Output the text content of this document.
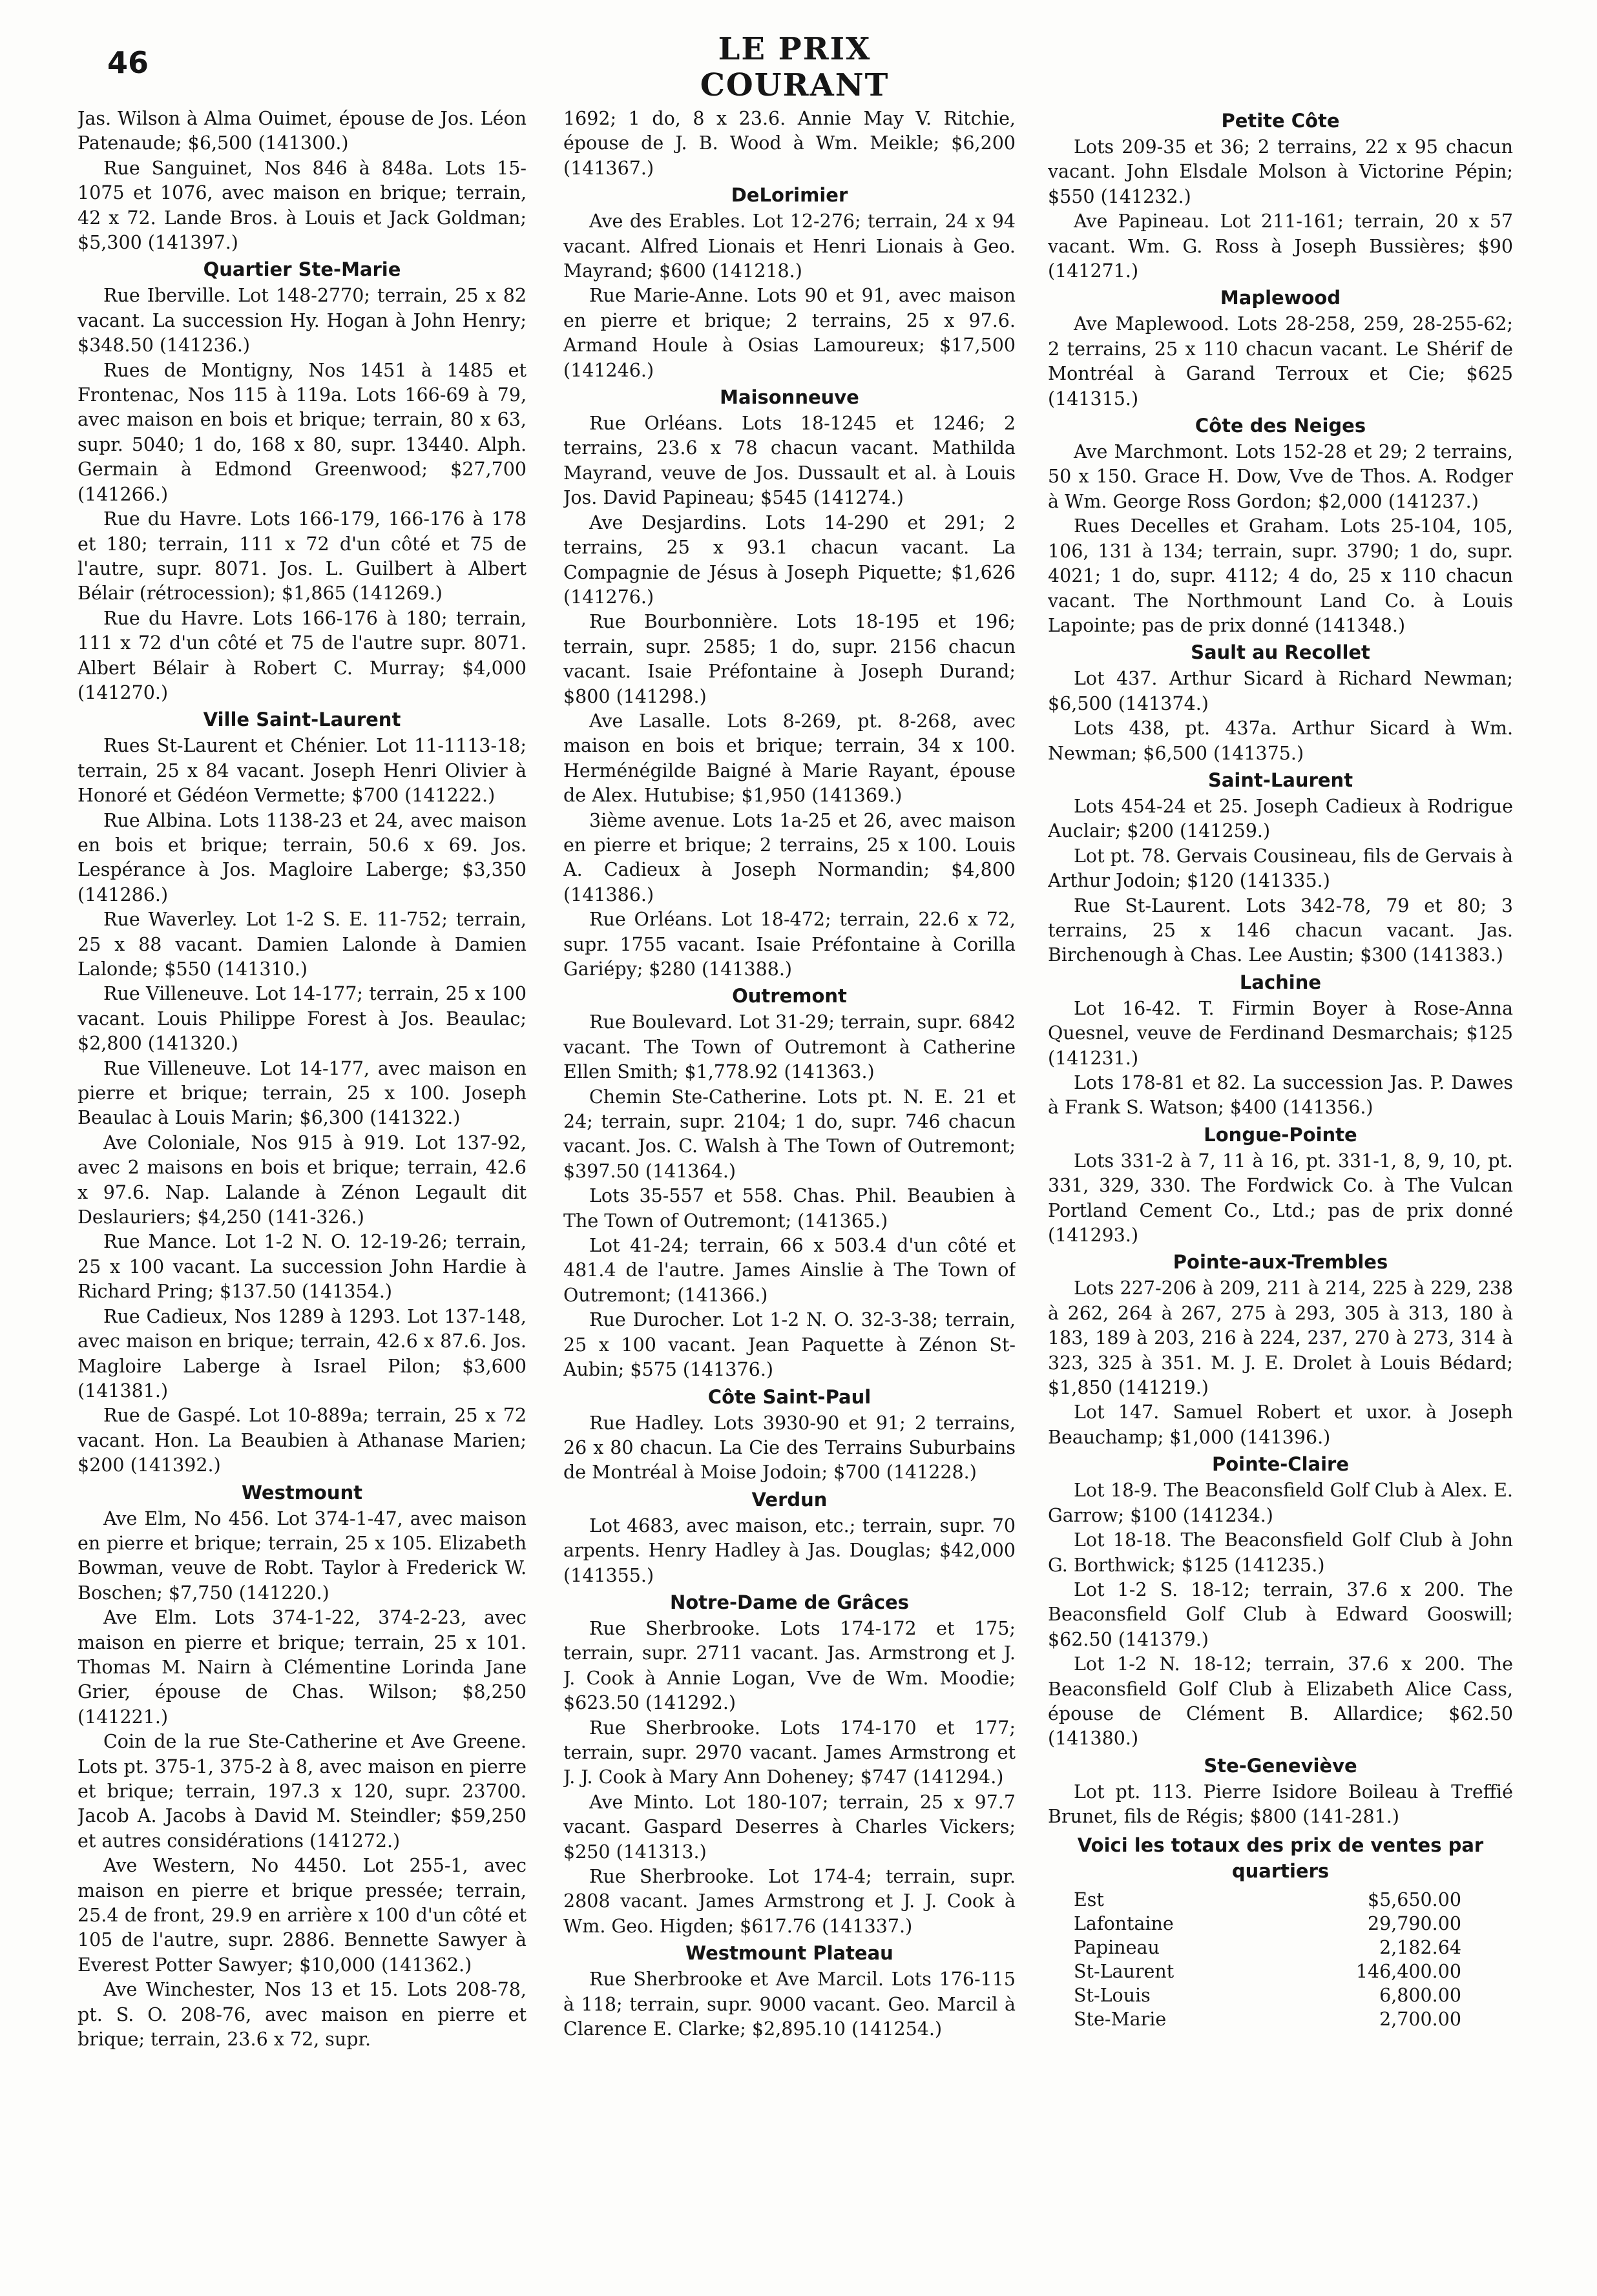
46	LE PRIX COURANT

Jas. Wilson à Alma Ouimet, épouse de Jos. Léon Patenaude; $6,500 (141300.)

Rue Sanguinet, Nos 846 à 848a. Lots 15-1075 et 1076, avec maison en brique; terrain, 42 x 72. Lande Bros. à Louis et Jack Goldman; $5,300 (141397.)

Quartier Ste-Marie

Rue Iberville. Lot 148-2770; terrain, 25 x 82 vacant. La succession Hy. Hogan à John Henry; $348.50 (141236.)

Rues de Montigny, Nos 1451 à 1485 et Frontenac, Nos 115 à 119a. Lots 166-69 à 79, avec maison en bois et brique; terrain, 80 x 63, supr. 5040; 1 do, 168 x 80, supr. 13440. Alph. Germain à Edmond Greenwood; $27,700 (141266.)

Rue du Havre. Lots 166-179, 166-176 à 178 et 180; terrain, 111 x 72 d'un côté et 75 de l'autre, supr. 8071. Jos. L. Guilbert à Albert Bélair (rétrocession); $1,865 (141269.)

Rue du Havre. Lots 166-176 à 180; terrain, 111 x 72 d'un côté et 75 de l'autre supr. 8071. Albert Bélair à Robert C. Murray; $4,000 (141270.)

Ville Saint-Laurent

Rues St-Laurent et Chénier. Lot 11-1113-18; terrain, 25 x 84 vacant. Joseph Henri Olivier à Honoré et Gédéon Vermette; $700 (141222.)

Rue Albina. Lots 1138-23 et 24, avec maison en bois et brique; terrain, 50.6 x 69. Jos. Lespérance à Jos. Magloire Laberge; $3,350 (141286.)

Rue Waverley. Lot 1-2 S. E. 11-752; terrain, 25 x 88 vacant. Damien Lalonde à Damien Lalonde; $550 (141310.)

Rue Villeneuve. Lot 14-177; terrain, 25 x 100 vacant. Louis Philippe Forest à Jos. Beaulac; $2,800 (141320.)

Rue Villeneuve. Lot 14-177, avec maison en pierre et brique; terrain, 25 x 100. Joseph Beaulac à Louis Marin; $6,300 (141322.)

Ave Coloniale, Nos 915 à 919. Lot 137-92, avec 2 maisons en bois et brique; terrain, 42.6 x 97.6. Nap. Lalande à Zénon Legault dit Deslauriers; $4,250 (141-326.)

Rue Mance. Lot 1-2 N. O. 12-19-26; terrain, 25 x 100 vacant. La succession John Hardie à Richard Pring; $137.50 (141354.)

Rue Cadieux, Nos 1289 à 1293. Lot 137-148, avec maison en brique; terrain, 42.6 x 87.6. Jos. Magloire Laberge à Israel Pilon; $3,600 (141381.)

Rue de Gaspé. Lot 10-889a; terrain, 25 x 72 vacant. Hon. La Beaubien à Athanase Marien; $200 (141392.)

Westmount

Ave Elm, No 456. Lot 374-1-47, avec maison en pierre et brique; terrain, 25 x 105. Elizabeth Bowman, veuve de Robt. Taylor à Frederick W. Boschen; $7,750 (141220.)

Ave Elm. Lots 374-1-22, 374-2-23, avec maison en pierre et brique; terrain, 25 x 101. Thomas M. Nairn à Clémentine Lorinda Jane Grier, épouse de Chas. Wilson; $8,250 (141221.)

Coin de la rue Ste-Catherine et Ave Greene. Lots pt. 375-1, 375-2 à 8, avec maison en pierre et brique; terrain, 197.3 x 120, supr. 23700. Jacob A. Jacobs à David M. Steindler; $59,250 et autres considérations (141272.)

Ave Western, No 4450. Lot 255-1, avec maison en pierre et brique pressée; terrain, 25.4 de front, 29.9 en arrière x 100 d'un côté et 105 de l'autre, supr. 2886. Bennette Sawyer à Everest Potter Sawyer; $10,000 (141362.)

Ave Winchester, Nos 13 et 15. Lots 208-78, pt. S. O. 208-76, avec maison en pierre et brique; terrain, 23.6 x 72, supr.

1692; 1 do, 8 x 23.6. Annie May V. Ritchie, épouse de J. B. Wood à Wm. Meikle; $6,200 (141367.)

DeLorimier

Ave des Erables. Lot 12-276; terrain, 24 x 94 vacant. Alfred Lionais et Henri Lionais à Geo. Mayrand; $600 (141218.)

Rue Marie-Anne. Lots 90 et 91, avec maison en pierre et brique; 2 terrains, 25 x 97.6. Armand Houle à Osias Lamoureux; $17,500 (141246.)

Maisonneuve

Rue Orléans. Lots 18-1245 et 1246; 2 terrains, 23.6 x 78 chacun vacant. Mathilda Mayrand, veuve de Jos. Dussault et al. à Louis Jos. David Papineau; $545 (141274.)

Ave Desjardins. Lots 14-290 et 291; 2 terrains, 25 x 93.1 chacun vacant. La Compagnie de Jésus à Joseph Piquette; $1,626 (141276.)

Rue Bourbonnière. Lots 18-195 et 196; terrain, supr. 2585; 1 do, supr. 2156 chacun vacant. Isaie Préfontaine à Joseph Durand; $800 (141298.)

Ave Lasalle. Lots 8-269, pt. 8-268, avec maison en bois et brique; terrain, 34 x 100. Herménégilde Baigné à Marie Rayant, épouse de Alex. Hutubise; $1,950 (141369.)

3ième avenue. Lots 1a-25 et 26, avec maison en pierre et brique; 2 terrains, 25 x 100. Louis A. Cadieux à Joseph Normandin; $4,800 (141386.)

Rue Orléans. Lot 18-472; terrain, 22.6 x 72, supr. 1755 vacant. Isaie Préfontaine à Corilla Gariépy; $280 (141388.)

Outremont

Rue Boulevard. Lot 31-29; terrain, supr. 6842 vacant. The Town of Outremont à Catherine Ellen Smith; $1,778.92 (141363.)

Chemin Ste-Catherine. Lots pt. N. E. 21 et 24; terrain, supr. 2104; 1 do, supr. 746 chacun vacant. Jos. C. Walsh à The Town of Outremont; $397.50 (141364.)

Lots 35-557 et 558. Chas. Phil. Beaubien à The Town of Outremont; (141365.)

Lot 41-24; terrain, 66 x 503.4 d'un côté et 481.4 de l'autre. James Ainslie à The Town of Outremont; (141366.)

Rue Durocher. Lot 1-2 N. O. 32-3-38; terrain, 25 x 100 vacant. Jean Paquette à Zénon St-Aubin; $575 (141376.)

Côte Saint-Paul

Rue Hadley. Lots 3930-90 et 91; 2 terrains, 26 x 80 chacun. La Cie des Terrains Suburbains de Montréal à Moise Jodoin; $700 (141228.)

Verdun

Lot 4683, avec maison, etc.; terrain, supr. 70 arpents. Henry Hadley à Jas. Douglas; $42,000 (141355.)

Notre-Dame de Grâces

Rue Sherbrooke. Lots 174-172 et 175; terrain, supr. 2711 vacant. Jas. Armstrong et J. J. Cook à Annie Logan, Vve de Wm. Moodie; $623.50 (141292.)

Rue Sherbrooke. Lots 174-170 et 177; terrain, supr. 2970 vacant. James Armstrong et J. J. Cook à Mary Ann Doheney; $747 (141294.)

Ave Minto. Lot 180-107; terrain, 25 x 97.7 vacant. Gaspard Deserres à Charles Vickers; $250 (141313.)

Rue Sherbrooke. Lot 174-4; terrain, supr. 2808 vacant. James Armstrong et J. J. Cook à Wm. Geo. Higden; $617.76 (141337.)

Westmount Plateau

Rue Sherbrooke et Ave Marcil. Lots 176-115 à 118; terrain, supr. 9000 vacant. Geo. Marcil à Clarence E. Clarke; $2,895.10 (141254.)

Petite Côte

Lots 209-35 et 36; 2 terrains, 22 x 95 chacun vacant. John Elsdale Molson à Victorine Pépin; $550 (141232.)

Ave Papineau. Lot 211-161; terrain, 20 x 57 vacant. Wm. G. Ross à Joseph Bussières; $90 (141271.)

Maplewood

Ave Maplewood. Lots 28-258, 259, 28-255-62; 2 terrains, 25 x 110 chacun vacant. Le Shérif de Montréal à Garand Terroux et Cie; $625 (141315.)

Côte des Neiges

Ave Marchmont. Lots 152-28 et 29; 2 terrains, 50 x 150. Grace H. Dow, Vve de Thos. A. Rodger à Wm. George Ross Gordon; $2,000 (141237.)

Rues Decelles et Graham. Lots 25-104, 105, 106, 131 à 134; terrain, supr. 3790; 1 do, supr. 4021; 1 do, supr. 4112; 4 do, 25 x 110 chacun vacant. The Northmount Land Co. à Louis Lapointe; pas de prix donné (141348.)

Sault au Recollet

Lot 437. Arthur Sicard à Richard Newman; $6,500 (141374.)

Lots 438, pt. 437a. Arthur Sicard à Wm. Newman; $6,500 (141375.)

Saint-Laurent

Lots 454-24 et 25. Joseph Cadieux à Rodrigue Auclair; $200 (141259.)

Lot pt. 78. Gervais Cousineau, fils de Gervais à Arthur Jodoin; $120 (141335.)

Rue St-Laurent. Lots 342-78, 79 et 80; 3 terrains, 25 x 146 chacun vacant. Jas. Birchenough à Chas. Lee Austin; $300 (141383.)

Lachine

Lot 16-42. T. Firmin Boyer à Rose-Anna Quesnel, veuve de Ferdinand Desmarchais; $125 (141231.)

Lots 178-81 et 82. La succession Jas. P. Dawes à Frank S. Watson; $400 (141356.)

Longue-Pointe

Lots 331-2 à 7, 11 à 16, pt. 331-1, 8, 9, 10, pt. 331, 329, 330. The Fordwick Co. à The Vulcan Portland Cement Co., Ltd.; pas de prix donné (141293.)

Pointe-aux-Trembles

Lots 227-206 à 209, 211 à 214, 225 à 229, 238 à 262, 264 à 267, 275 à 293, 305 à 313, 180 à 183, 189 à 203, 216 à 224, 237, 270 à 273, 314 à 323, 325 à 351. M. J. E. Drolet à Louis Bédard; $1,850 (141219.)

Lot 147. Samuel Robert et uxor. à Joseph Beauchamp; $1,000 (141396.)

Pointe-Claire

Lot 18-9. The Beaconsfield Golf Club à Alex. E. Garrow; $100 (141234.)

Lot 18-18. The Beaconsfield Golf Club à John G. Borthwick; $125 (141235.)

Lot 1-2 S. 18-12; terrain, 37.6 x 200. The Beaconsfield Golf Club à Edward Gooswill; $62.50 (141379.)

Lot 1-2 N. 18-12; terrain, 37.6 x 200. The Beaconsfield Golf Club à Elizabeth Alice Cass, épouse de Clément B. Allardice; $62.50 (141380.)

Ste-Geneviève

Lot pt. 113. Pierre Isidore Boileau à Treffié Brunet, fils de Régis; $800 (141-281.)

Voici les totaux des prix de ventes par quartiers
Est	$5,650.00
Lafontaine	29,790.00
Papineau	2,182.64
St-Laurent	146,400.00
St-Louis	6,800.00
Ste-Marie	2,700.00
